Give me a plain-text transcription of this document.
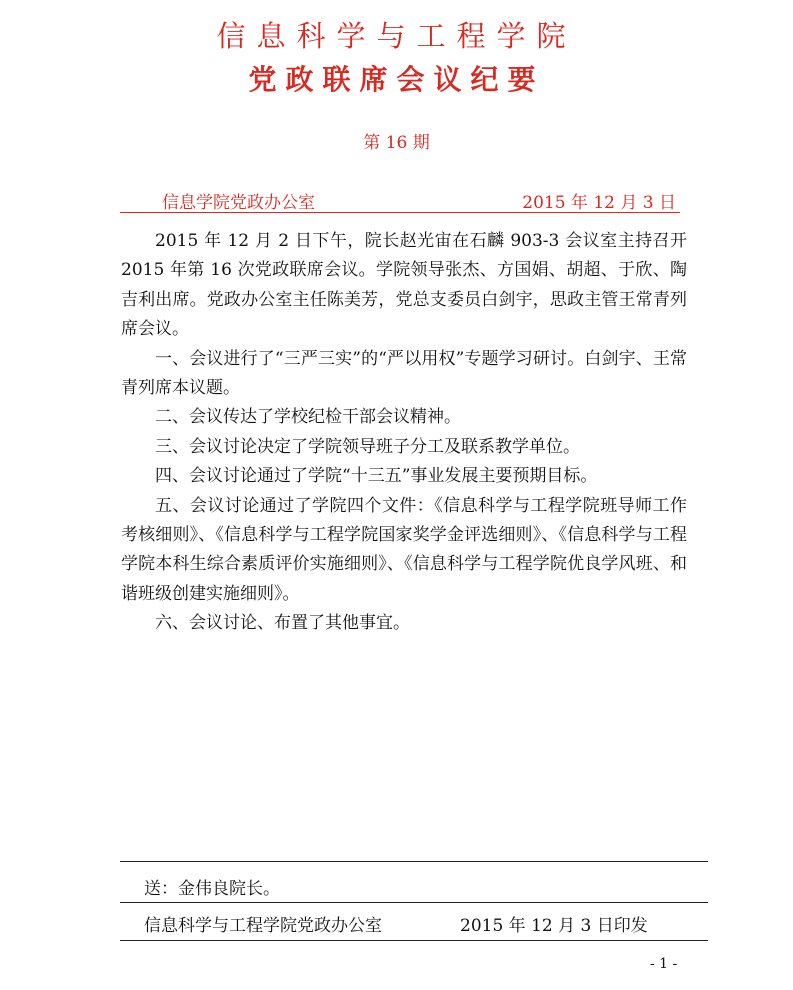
信息科学与工程学院
党政联席会议纪要
第 16 期
信息学院党政办公室	2015 年 12 月 3 日

2015 年 12 月 2 日下午，院长赵光宙在石麟 903-3 会议室主持召开 2015 年第 16 次党政联席会议。学院领导张杰、方国娟、胡超、于欣、陶吉利出席。党政办公室主任陈美芳，党总支委员白剑宇，思政主管王常青列席会议。

一、会议进行了“三严三实”的“严以用权”专题学习研讨。白剑宇、王常青列席本议题。

二、会议传达了学校纪检干部会议精神。

三、会议讨论决定了学院领导班子分工及联系教学单位。

四、会议讨论通过了学院“十三五”事业发展主要预期目标。

五、会议讨论通过了学院四个文件：《信息科学与工程学院班导师工作考核细则》、《信息科学与工程学院国家奖学金评选细则》、《信息科学与工程学院本科生综合素质评价实施细则》、《信息科学与工程学院优良学风班、和谐班级创建实施细则》。

六、会议讨论、布置了其他事宜。

送：金伟良院长。
信息科学与工程学院党政办公室	2015 年 12 月 3 日印发
- 1 -
